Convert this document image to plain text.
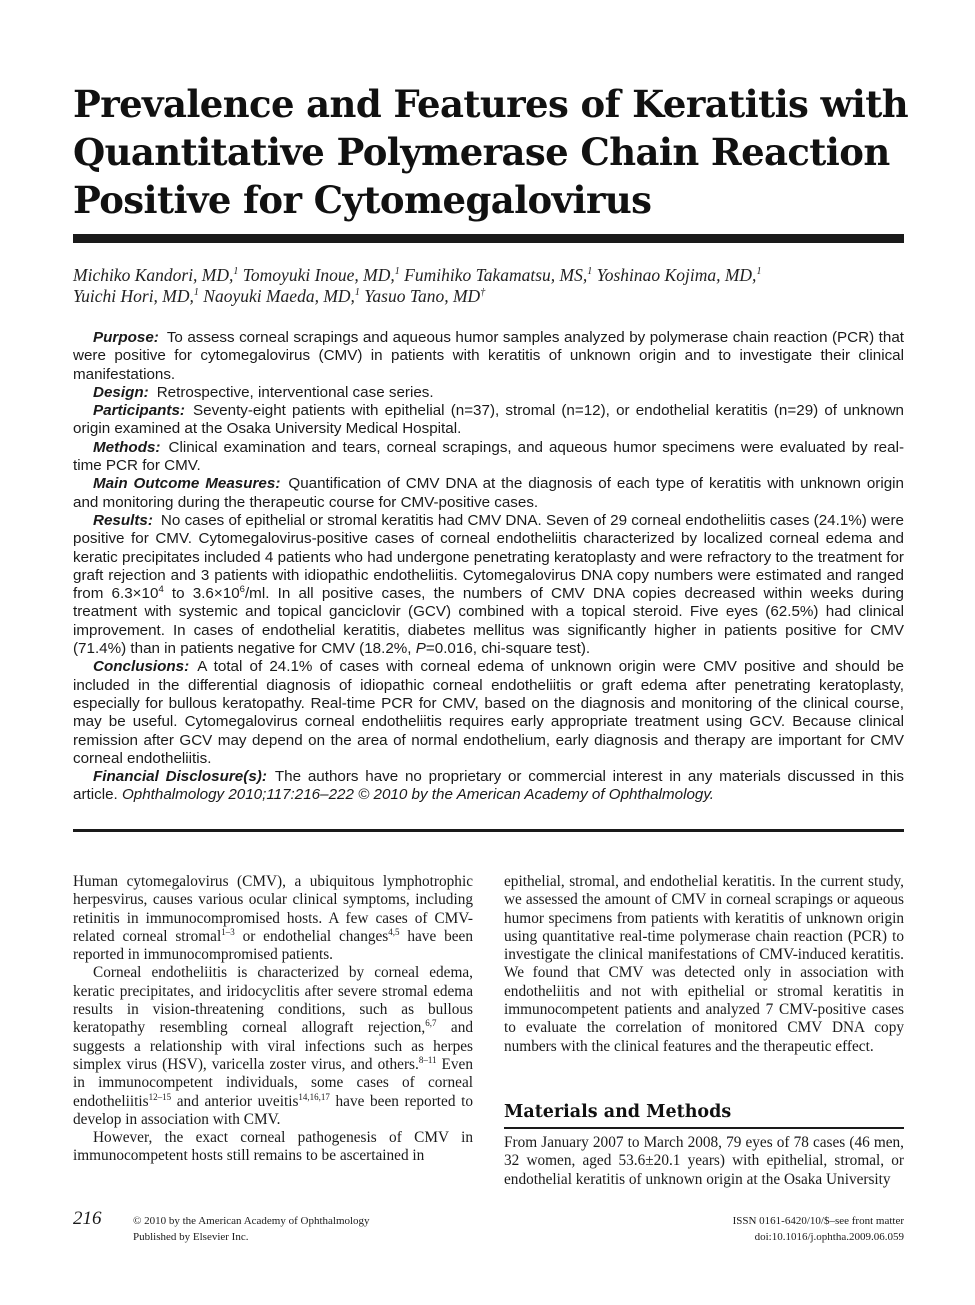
Prevalence and Features of Keratitis with Quantitative Polymerase Chain Reaction Positive for Cytomegalovirus
Michiko Kandori, MD,$^1$ Tomoyuki Inoue, MD,$^1$ Fumihiko Takamatsu, MS,$^1$ Yoshinao Kojima, MD,$^1$
Yuichi Hori, MD,$^1$ Naoyuki Maeda, MD,$^1$ Yasuo Tano, MD†

Purpose: To assess corneal scrapings and aqueous humor samples analyzed by polymerase chain reaction (PCR) that were positive for cytomegalovirus (CMV) in patients with keratitis of unknown origin and to investigate their clinical manifestations.

Design: Retrospective, interventional case series.

Participants: Seventy-eight patients with epithelial (n=37), stromal (n=12), or endothelial keratitis (n=29) of unknown origin examined at the Osaka University Medical Hospital.

Methods: Clinical examination and tears, corneal scrapings, and aqueous humor specimens were evaluated by real-time PCR for CMV.

Main Outcome Measures: Quantification of CMV DNA at the diagnosis of each type of keratitis with unknown origin and monitoring during the therapeutic course for CMV-positive cases.

Results: No cases of epithelial or stromal keratitis had CMV DNA. Seven of 29 corneal endotheliitis cases (24.1%) were positive for CMV. Cytomegalovirus-positive cases of corneal endotheliitis characterized by localized corneal edema and keratic precipitates included 4 patients who had undergone penetrating keratoplasty and were refractory to the treatment for graft rejection and 3 patients with idiopathic endotheliitis. Cytomegalovirus DNA copy numbers were estimated and ranged from $6.3\times 10^4$ to $3.6\times 10^6/ml$. In all positive cases, the numbers of CMV DNA copies decreased within weeks during treatment with systemic and topical ganciclovir (GCV) combined with a topical steroid. Five eyes (62.5%) had clinical improvement. In cases of endothelial keratitis, diabetes mellitus was significantly higher in patients positive for CMV (71.4%) than in patients negative for CMV (18.2%, P=0.016, chi-square test).

Conclusions: A total of 24.1% of cases with corneal edema of unknown origin were CMV positive and should be included in the differential diagnosis of idiopathic corneal endotheliitis or graft edema after penetrating keratoplasty, especially for bullous keratopathy. Real-time PCR for CMV, based on the diagnosis and monitoring of the clinical course, may be useful. Cytomegalovirus corneal endotheliitis requires early appropriate treatment using GCV. Because clinical remission after GCV may depend on the area of normal endothelium, early diagnosis and therapy are important for CMV corneal endotheliitis.

Financial Disclosure(s): The authors have no proprietary or commercial interest in any materials discussed in this article. Ophthalmology 2010;117:216–222 © 2010 by the American Academy of Ophthalmology.

Human cytomegalovirus (CMV), a ubiquitous lymphotrophic herpesvirus, causes various ocular clinical symptoms, including retinitis in immunocompromised hosts. A few cases of CMV-related corneal stromal$^{1-3}$ or endothelial changes$^{4,5}$ have been reported in immunocompromised patients.

Corneal endotheliitis is characterized by corneal edema, keratic precipitates, and iridocyclitis after severe stromal edema results in vision-threatening conditions, such as bullous keratopathy resembling corneal allograft rejection,$^{6,7}$ and suggests a relationship with viral infections such as herpes simplex virus (HSV), varicella zoster virus, and others.$^{8-11}$ Even in immunocompetent individuals, some cases of corneal endotheliitis$^{12-15}$ and anterior uveitis$^{14,16,17}$ have been reported to develop in association with CMV.

However, the exact corneal pathogenesis of CMV in immunocompetent hosts still remains to be ascertained in

epithelial, stromal, and endothelial keratitis. In the current study, we assessed the amount of CMV in corneal scrapings or aqueous humor specimens from patients with keratitis of unknown origin using quantitative real-time polymerase chain reaction (PCR) to investigate the clinical manifestations of CMV-induced keratitis. We found that CMV was detected only in association with endotheliitis and not with epithelial or stromal keratitis in immunocompetent patients and analyzed 7 CMV-positive cases to evaluate the correlation of monitored CMV DNA copy numbers with the clinical features and the therapeutic effect.

Materials and Methods

From January 2007 to March 2008, 79 eyes of 78 cases (46 men, 32 women, aged 53.6±20.1 years) with epithelial, stromal, or endothelial keratitis of unknown origin at the Osaka University

216	© 2010 by the American Academy of Ophthalmology
Published by Elsevier Inc.
ISSN 0161-6420/10/$–see front matter
doi:10.1016/j.ophtha.2009.06.059
